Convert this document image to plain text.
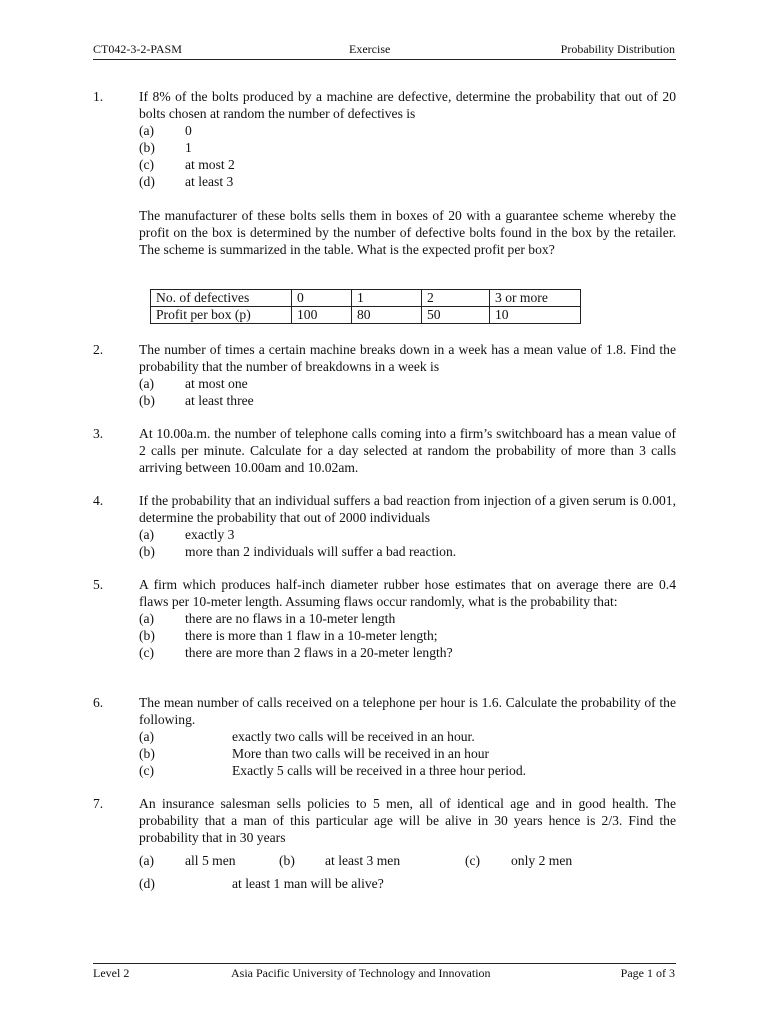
CT042-3-2-PASM	Exercise	Probability Distribution
1.	If 8% of the bolts produced by a machine are defective, determine the probability that out of 20 bolts chosen at random the number of defectives is

(a)	0
(b)	1
(c)	at most 2
(d)	at least 3

The manufacturer of these bolts sells them in boxes of 20 with a guarantee scheme whereby the profit on the box is determined by the number of defective bolts found in the box by the retailer. The scheme is summarized in the table. What is the expected profit per box?

No. of defectives	0	1	2	3 or more
Profit per box (p)	100	80	50	10
2.	The number of times a certain machine breaks down in a week has a mean value of 1.8. Find the probability that the number of breakdowns in a week is

(a)	at most one
(b)	at least three
3.	At 10.00a.m. the number of telephone calls coming into a firm’s switchboard has a mean value of 2 calls per minute. Calculate for a day selected at random the probability of more than 3 calls arriving between 10.00am and 10.02am.

4.	If the probability that an individual suffers a bad reaction from injection of a given serum is 0.001, determine the probability that out of 2000 individuals

(a)	exactly 3
(b)	more than 2 individuals will suffer a bad reaction.
5.	A firm which produces half-inch diameter rubber hose estimates that on average there are 0.4 flaws per 10-meter length. Assuming flaws occur randomly, what is the probability that:

(a)	there are no flaws in a 10-meter length
(b)	there is more than 1 flaw in a 10-meter length;
(c)	there are more than 2 flaws in a 20-meter length?
6.	The mean number of calls received on a telephone per hour is 1.6. Calculate the probability of the following.

(a)	exactly two calls will be received in an hour.
(b)	More than two calls will be received in an hour
(c)	Exactly 5 calls will be received in a three hour period.
7.	An insurance salesman sells policies to 5 men, all of identical age and in good health. The probability that a man of this particular age will be alive in 30 years hence is 2/3. Find the probability that in 30 years

(a)	all 5 men	(b)	at least 3 men	(c)	only 2 men
(d)	at least 1 man will be alive?
Level 2	Asia Pacific University of Technology and Innovation	Page 1 of 3
